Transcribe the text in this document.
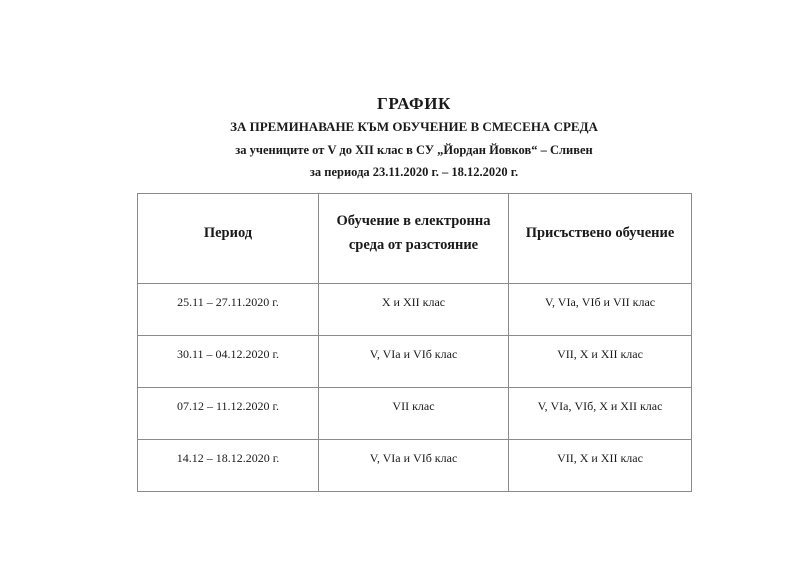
ГРАФИК
ЗА ПРЕМИНАВАНЕ КЪМ ОБУЧЕНИЕ В СМЕСЕНА СРЕДА
за учениците от V до XII клас в СУ „Йордан Йовков“ – Сливен
за периода 23.11.2020 г. – 18.12.2020 г.
Период	Обучение в електронна среда от разстояние	Присъствено обучение
25.11 – 27.11.2020 г.	X и XII клас	V, VIа, VIб и VII клас
30.11 – 04.12.2020 г.	V, VIа и VIб клас	VII, X и XII клас
07.12 – 11.12.2020 г.	VII клас	V, VIа, VIб, X и XII клас
14.12 – 18.12.2020 г.	V, VIа и VIб клас	VII, X и XII клас
